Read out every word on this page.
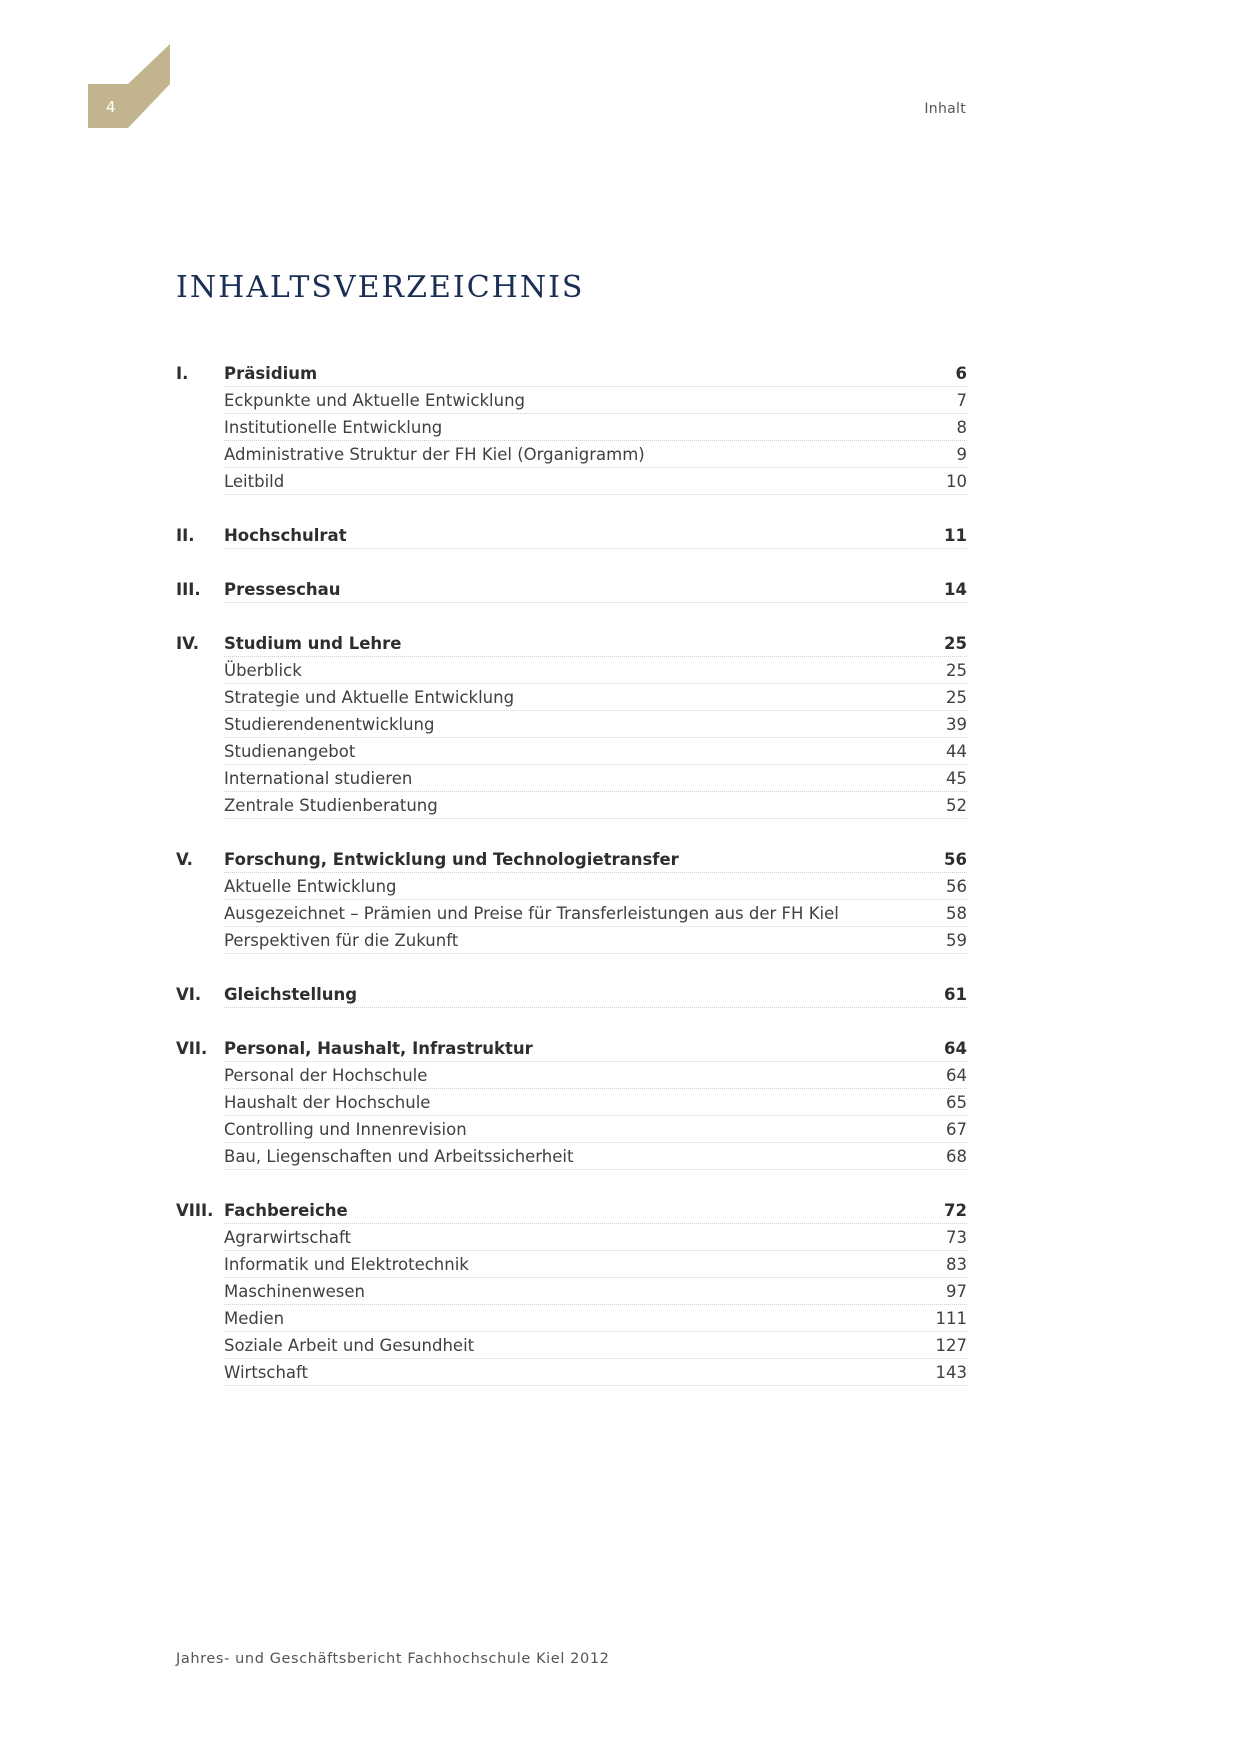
4	Inhalt
INHALTSVERZEICHNIS
I. Präsidium	6
Eckpunkte und Aktuelle Entwicklung	7
Institutionelle Entwicklung	8
Administrative Struktur der FH Kiel (Organigramm)	9
Leitbild	10
II. Hochschulrat	11
III. Presseschau	14
IV. Studium und Lehre	25
Überblick	25
Strategie und Aktuelle Entwicklung	25
Studierendenentwicklung	39
Studienangebot	44
International studieren	45
Zentrale Studienberatung	52
V. Forschung, Entwicklung und Technologietransfer	56
Aktuelle Entwicklung	56
Ausgezeichnet – Prämien und Preise für Transferleistungen aus der FH Kiel	58
Perspektiven für die Zukunft	59
VI. Gleichstellung	61
VII. Personal, Haushalt, Infrastruktur	64
Personal der Hochschule	64
Haushalt der Hochschule	65
Controlling und Innenrevision	67
Bau, Liegenschaften und Arbeitssicherheit	68
VIII. Fachbereiche	72
Agrarwirtschaft	73
Informatik und Elektrotechnik	83
Maschinenwesen	97
Medien	111
Soziale Arbeit und Gesundheit	127
Wirtschaft	143
Jahres- und Geschäftsbericht Fachhochschule Kiel 2012
